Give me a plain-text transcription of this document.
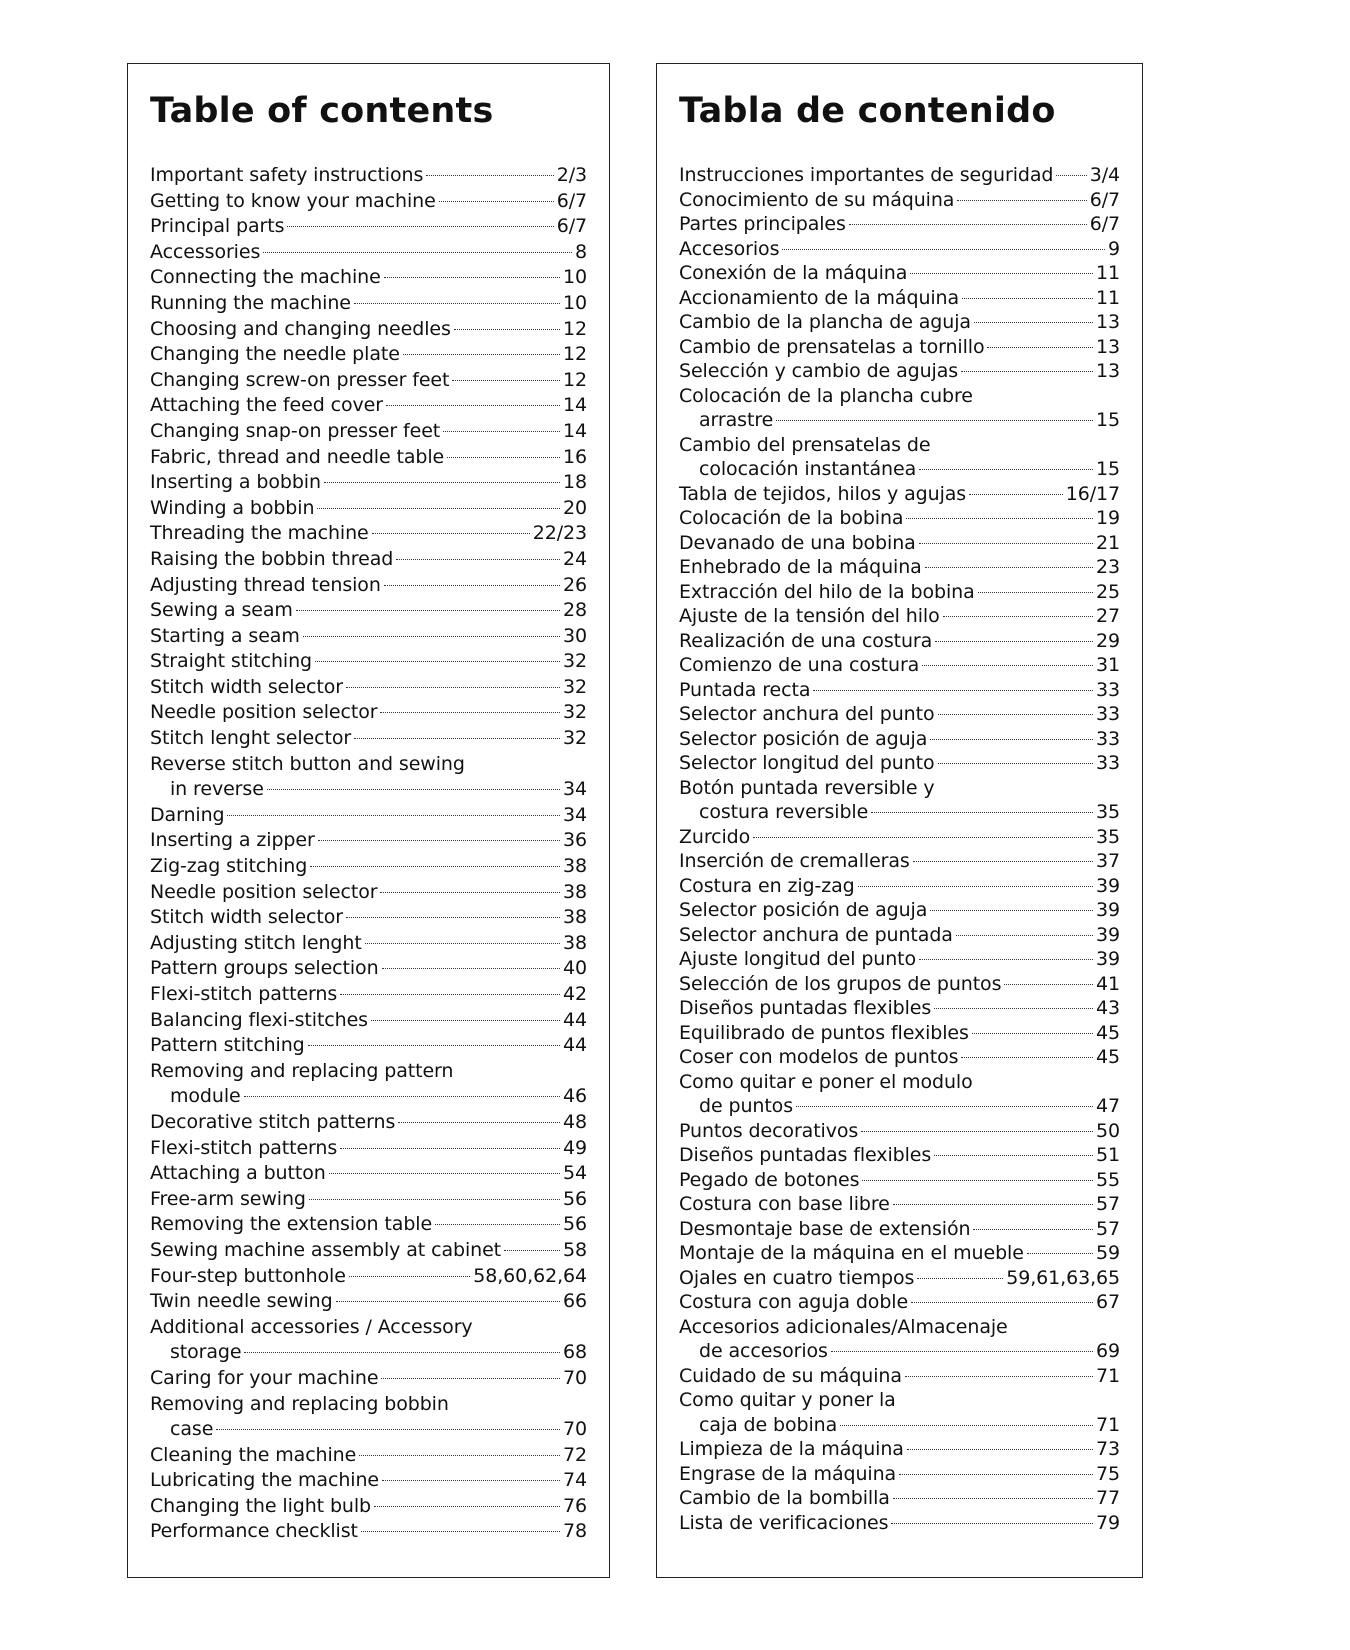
Table of contents
Important safety instructions	2/3
Getting to know your machine	6/7
Principal parts	6/7
Accessories	8
Connecting the machine	10
Running the machine	10
Choosing and changing needles	12
Changing the needle plate	12
Changing screw-on presser feet	12
Attaching the feed cover	14
Changing snap-on presser feet	14
Fabric, thread and needle table	16
Inserting a bobbin	18
Winding a bobbin	20
Threading the machine	22/23
Raising the bobbin thread	24
Adjusting thread tension	26
Sewing a seam	28
Starting a seam	30
Straight stitching	32
Stitch width selector	32
Needle position selector	32
Stitch lenght selector	32
Reverse stitch button and sewing
in reverse	34
Darning	34
Inserting a zipper	36
Zig-zag stitching	38
Needle position selector	38
Stitch width selector	38
Adjusting stitch lenght	38
Pattern groups selection	40
Flexi-stitch patterns	42
Balancing flexi-stitches	44
Pattern stitching	44
Removing and replacing pattern
module	46
Decorative stitch patterns	48
Flexi-stitch patterns	49
Attaching a button	54
Free-arm sewing	56
Removing the extension table	56
Sewing machine assembly at cabinet	58
Four-step buttonhole	58,60,62,64
Twin needle sewing	66
Additional accessories / Accessory
storage	68
Caring for your machine	70
Removing and replacing bobbin
case	70
Cleaning the machine	72
Lubricating the machine	74
Changing the light bulb	76
Performance checklist	78
Tabla de contenido
Instrucciones importantes de seguridad 3/4
Conocimiento de su máquina	6/7
Partes principales	6/7
Accesorios	9
Conexión de la máquina	11
Accionamiento de la máquina	11
Cambio de la plancha de aguja	13
Cambio de prensatelas a tornillo	13
Selección y cambio de agujas	13
Colocación de la plancha cubre
arrastre	15
Cambio del prensatelas de
colocación instantánea	15
Tabla de tejidos, hilos y agujas	16/17
Colocación de la bobina	19
Devanado de una bobina	21
Enhebrado de la máquina	23
Extracción del hilo de la bobina	25
Ajuste de la tensión del hilo	27
Realización de una costura	29
Comienzo de una costura	31
Puntada recta	33
Selector anchura del punto	33
Selector posición de aguja	33
Selector longitud del punto	33
Botón puntada reversible y
costura reversible	35
Zurcido	35
Inserción de cremalleras	37
Costura en zig-zag	39
Selector posición de aguja	39
Selector anchura de puntada	39
Ajuste longitud del punto	39
Selección de los grupos de puntos	41
Diseños puntadas flexibles	43
Equilibrado de puntos flexibles	45
Coser con modelos de puntos	45
Como quitar e poner el modulo
de puntos	47
Puntos decorativos	50
Diseños puntadas flexibles	51
Pegado de botones	55
Costura con base libre	57
Desmontaje base de extensión	57
Montaje de la máquina en el mueble	59
Ojales en cuatro tiempos	59,61,63,65
Costura con aguja doble	67
Accesorios adicionales/Almacenaje
de accesorios	69
Cuidado de su máquina	71
Como quitar y poner la
caja de bobina	71
Limpieza de la máquina	73
Engrase de la máquina	75
Cambio de la bombilla	77
Lista de verificaciones	79
